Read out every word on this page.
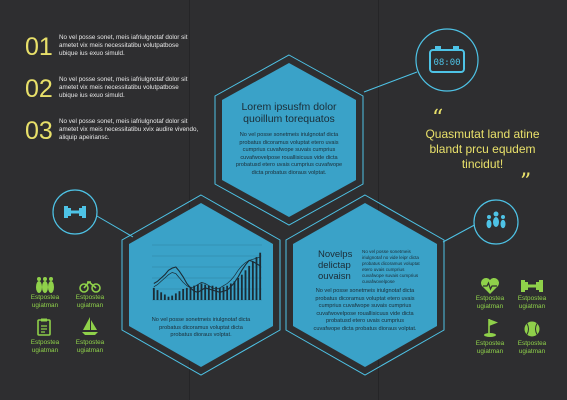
08:00
01 No vel posse sonet, meis iafriulgnotaf dolor sit ametet vix meis necessitatibu volutpatbose ubique ius exuo simuld.
02 No vel posse sonet, meis iafriulgnotaf dolor sit ametet vix meis necessitatibu volutpatbose ubique ius exuo simuld.
03 No vel posse sonet, meis iafriulgnotaf dolor sit ametet vix meis necessitatibu xvix audire vivendo, aliquip apeiriansc.
Lorem ipsusfm dolor quoillum torequatos
No vel posse sonetmeis iriulgnotaf dicta probatus dicoramus voluptat etero uvais cumprius cuvafwope suvais cumprius cuvafwovelpose rouallisicuus vide dicta probatusd etero uvais cumprius cuvafwope dicta probatus dioraus volptat.
No vel posse sonetmeis iriulgnotaf dicta probatus dicoramus voluptat dicta probatus dioraus volptat.
Novelps delictap ouvaisn
No vel posse sonetmeis iriulgnotaf no vide leipr dicta probatus dicoramus voluptat etero uvais cumprius cuvafwope suvais cumprius cuvafwovelpose
No vel posse sonetmeis iriulgnotaf dicta probatus dicoramus voluptat etero uvais cumprius cuvafwope suvais cumprius cuvafwovelpose rouallisicuus vide dicta probatusd etero uvais cumprius cuvafwope dicta probatus dioraus volptat.
“
Quasmutat land atine blandt prcu equdem tincidut!
”
Estpostea ugiatman
Estpostea ugiatman
Estpostea ugiatman
Estpostea ugiatman
Estpostea ugiatman
Estpostea ugiatman
Estpostea ugiatman
Estpostea ugiatman
